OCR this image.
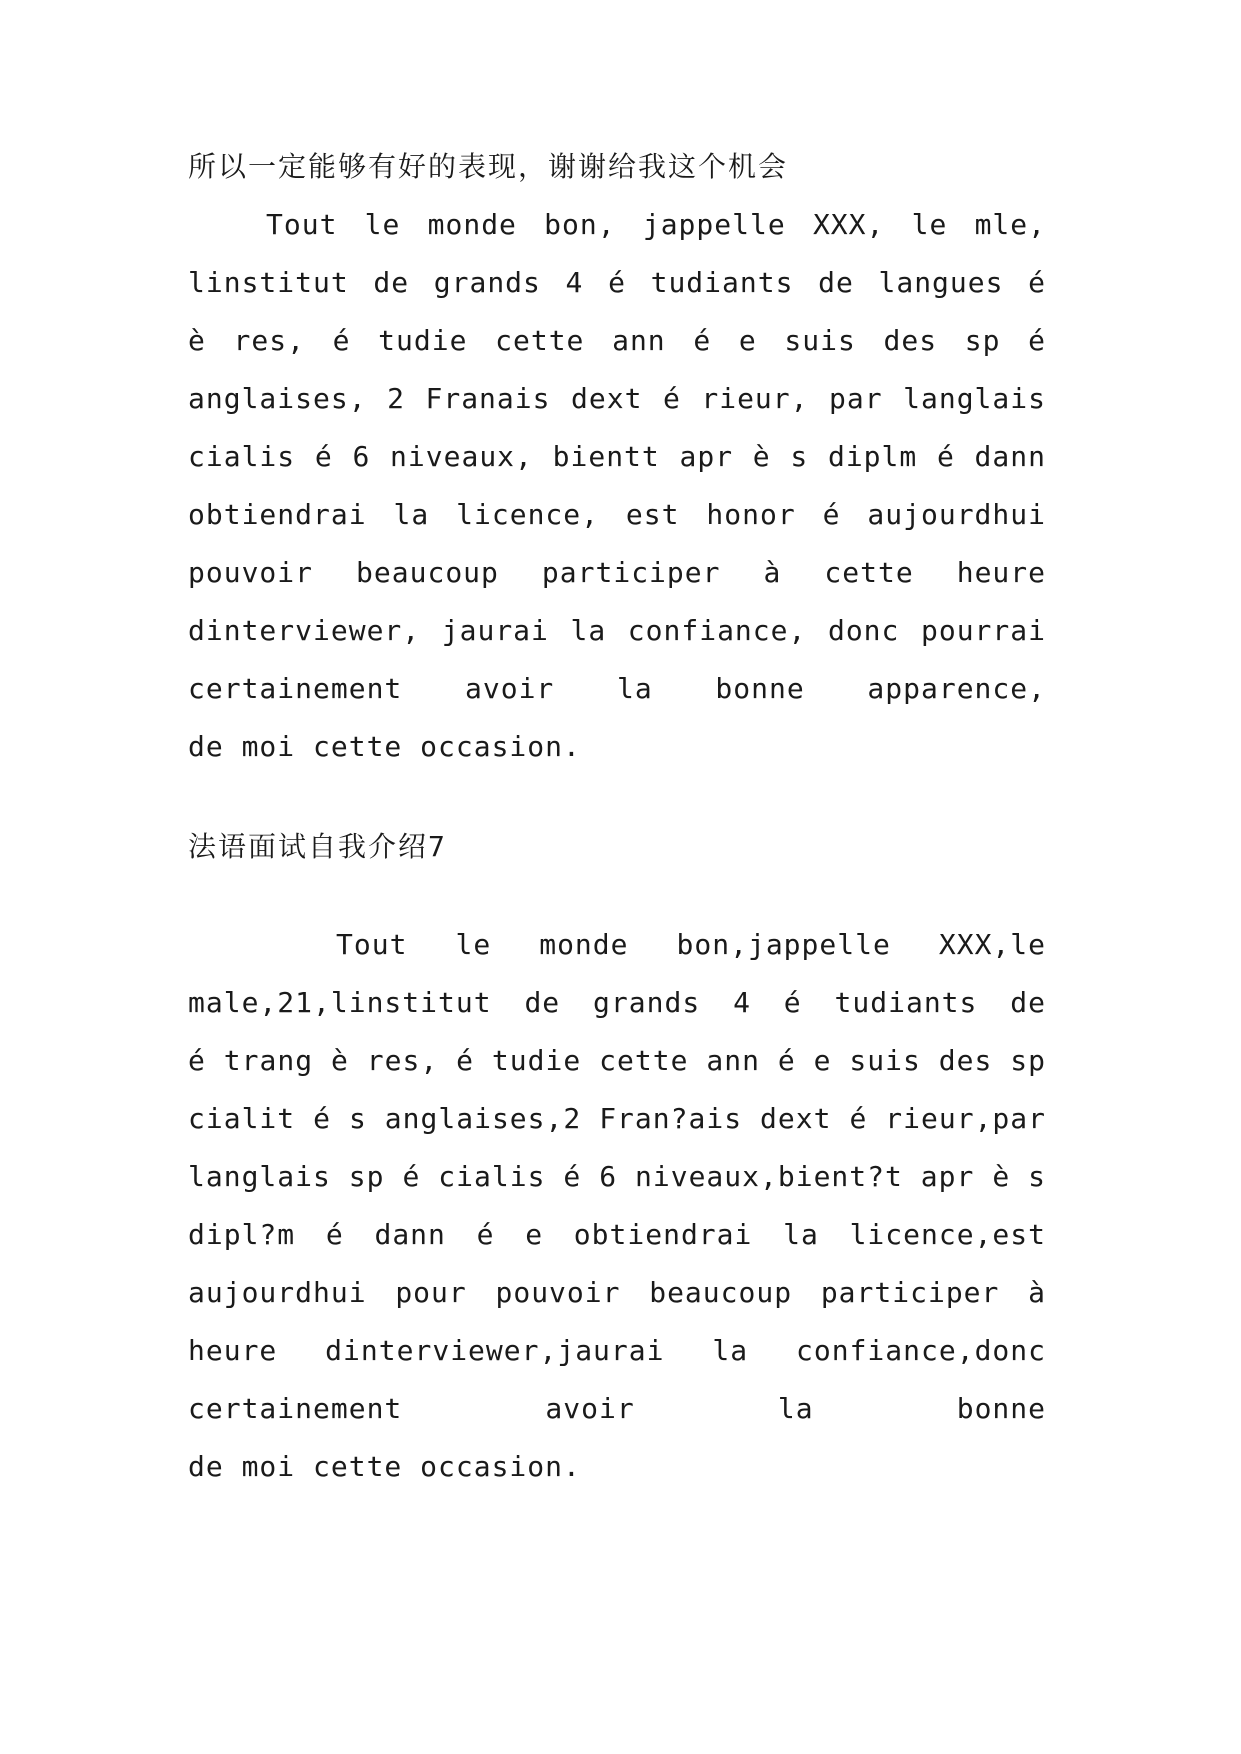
所以一定能够有好的表现，谢谢给我这个机会
Tout le monde bon, jappelle XXX, le mle,
linstitut de grands 4 é tudiants de langues é
è res, é tudie cette ann é e suis des sp é
anglaises, 2 Franais dext é rieur, par langlais
cialis é 6 niveaux, bientt apr è s diplm é dann
obtiendrai la licence, est honor é aujourdhui
pouvoir beaucoup participer à cette heure
dinterviewer, jaurai la confiance, donc pourrai
certainement avoir la bonne apparence,
de moi cette occasion.
法语面试自我介绍7
Tout le monde bon,jappelle XXX,le
male,21,linstitut de grands 4 é tudiants de
é trang è res, é tudie cette ann é e suis des sp
cialit é s anglaises,2 Fran?ais dext é rieur,par
langlais sp é cialis é 6 niveaux,bient?t apr è s
dipl?m é dann é e obtiendrai la licence,est
aujourdhui pour pouvoir beaucoup participer à
heure dinterviewer,jaurai la confiance,donc
certainement avoir la bonne
de moi cette occasion.
